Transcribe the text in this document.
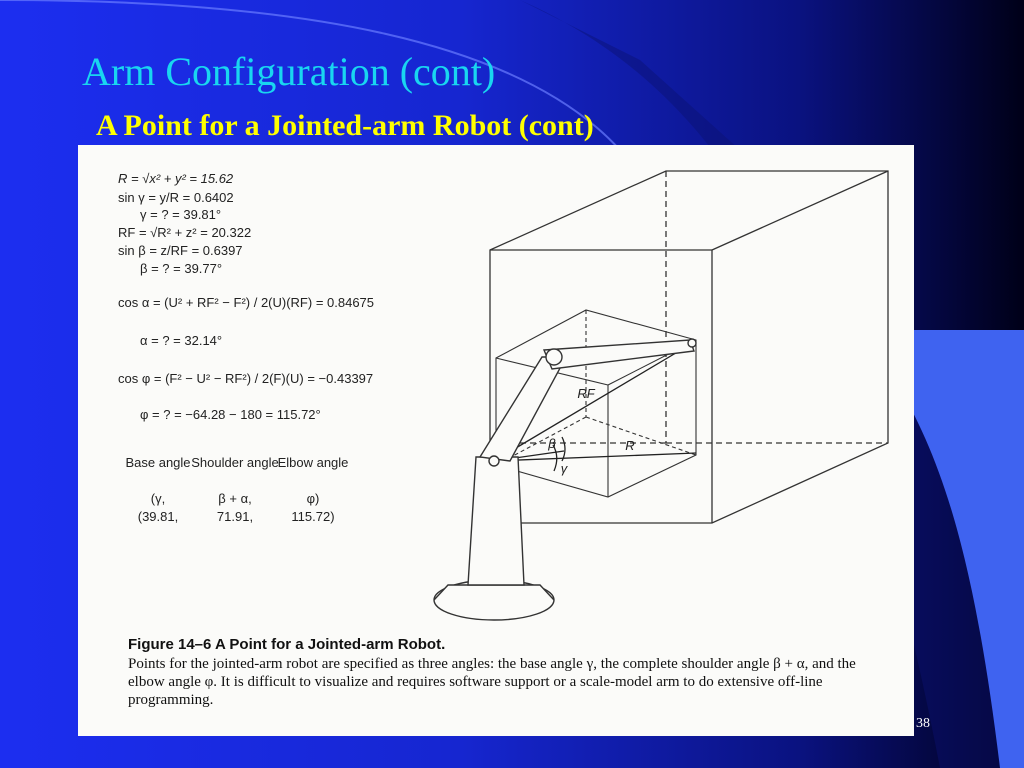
Arm Configuration (cont)
A Point for a Jointed-arm Robot (cont)
R = √x² + y² = 15.62
sin γ = y/R = 0.6402
γ = ? = 39.81°
RF = √R² + z² = 20.322
sin β = z/RF = 0.6397
β = ? = 39.77°
cos α = (U² + RF² − F²) / 2(U)(RF) = 0.84675
α = ? = 32.14°
cos φ = (F² − U² − RF²) / 2(F)(U) = −0.43397
φ = ? = −64.28 − 180 = 115.72°
Base angle
(γ,
(39.81,
Shoulder angle
β + α,
71.91,
Elbow angle
φ)
115.72)
RF
R
β
γ

Figure 14–6 A Point for a Jointed-arm Robot.

Points for the jointed-arm robot are specified as three angles: the base angle γ, the complete shoulder angle β + α, and the elbow angle φ. It is difficult to visualize and requires software support or a scale-model arm to do extensive off-line programming.

38
